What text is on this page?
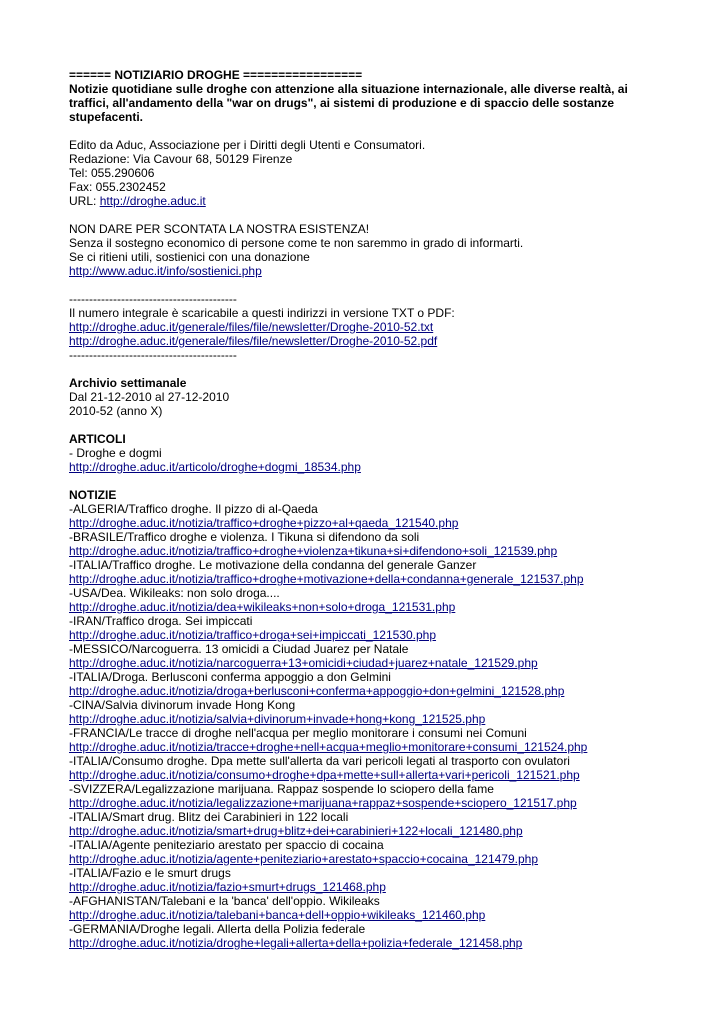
====== NOTIZIARIO DROGHE =================
Notizie quotidiane sulle droghe con attenzione alla situazione internazionale, alle diverse realtà, ai traffici, all'andamento della "war on drugs", ai sistemi di produzione e di spaccio delle sostanze stupefacenti.
Edito da Aduc, Associazione per i Diritti degli Utenti e Consumatori.
Redazione: Via Cavour 68, 50129 Firenze
Tel: 055.290606
Fax: 055.2302452
URL: http://droghe.aduc.it
NON DARE PER SCONTATA LA NOSTRA ESISTENZA!
Senza il sostegno economico di persone come te non saremmo in grado di informarti.
Se ci ritieni utili, sostienici con una donazione
http://www.aduc.it/info/sostienici.php
------------------------------------------
Il numero integrale è scaricabile a questi indirizzi in versione TXT o PDF:
http://droghe.aduc.it/generale/files/file/newsletter/Droghe-2010-52.txt
http://droghe.aduc.it/generale/files/file/newsletter/Droghe-2010-52.pdf
------------------------------------------
Archivio settimanale
Dal 21-12-2010 al 27-12-2010
2010-52 (anno X)
ARTICOLI
- Droghe e dogmi
http://droghe.aduc.it/articolo/droghe+dogmi_18534.php
NOTIZIE
-ALGERIA/Traffico droghe. Il pizzo di al-Qaeda
http://droghe.aduc.it/notizia/traffico+droghe+pizzo+al+qaeda_121540.php
-BRASILE/Traffico droghe e violenza. I Tikuna si difendono da soli
http://droghe.aduc.it/notizia/traffico+droghe+violenza+tikuna+si+difendono+soli_121539.php
-ITALIA/Traffico droghe. Le motivazione della condanna del generale Ganzer
http://droghe.aduc.it/notizia/traffico+droghe+motivazione+della+condanna+generale_121537.php
-USA/Dea. Wikileaks: non solo droga....
http://droghe.aduc.it/notizia/dea+wikileaks+non+solo+droga_121531.php
-IRAN/Traffico droga. Sei impiccati
http://droghe.aduc.it/notizia/traffico+droga+sei+impiccati_121530.php
-MESSICO/Narcoguerra. 13 omicidi a Ciudad Juarez per Natale
http://droghe.aduc.it/notizia/narcoguerra+13+omicidi+ciudad+juarez+natale_121529.php
-ITALIA/Droga. Berlusconi conferma appoggio a don Gelmini
http://droghe.aduc.it/notizia/droga+berlusconi+conferma+appoggio+don+gelmini_121528.php
-CINA/Salvia divinorum invade Hong Kong
http://droghe.aduc.it/notizia/salvia+divinorum+invade+hong+kong_121525.php
-FRANCIA/Le tracce di droghe nell'acqua per meglio monitorare i consumi nei Comuni
http://droghe.aduc.it/notizia/tracce+droghe+nell+acqua+meglio+monitorare+consumi_121524.php
-ITALIA/Consumo droghe. Dpa mette sull'allerta da vari pericoli legati al trasporto con ovulatori
http://droghe.aduc.it/notizia/consumo+droghe+dpa+mette+sull+allerta+vari+pericoli_121521.php
-SVIZZERA/Legalizzazione marijuana. Rappaz sospende lo sciopero della fame
http://droghe.aduc.it/notizia/legalizzazione+marijuana+rappaz+sospende+sciopero_121517.php
-ITALIA/Smart drug. Blitz dei Carabinieri in 122 locali
http://droghe.aduc.it/notizia/smart+drug+blitz+dei+carabinieri+122+locali_121480.php
-ITALIA/Agente peniteziario arestato per spaccio di cocaina
http://droghe.aduc.it/notizia/agente+peniteziario+arestato+spaccio+cocaina_121479.php
-ITALIA/Fazio e le smurt drugs
http://droghe.aduc.it/notizia/fazio+smurt+drugs_121468.php
-AFGHANISTAN/Talebani e la 'banca' dell'oppio. Wikileaks
http://droghe.aduc.it/notizia/talebani+banca+dell+oppio+wikileaks_121460.php
-GERMANIA/Droghe legali. Allerta della Polizia federale
http://droghe.aduc.it/notizia/droghe+legali+allerta+della+polizia+federale_121458.php
